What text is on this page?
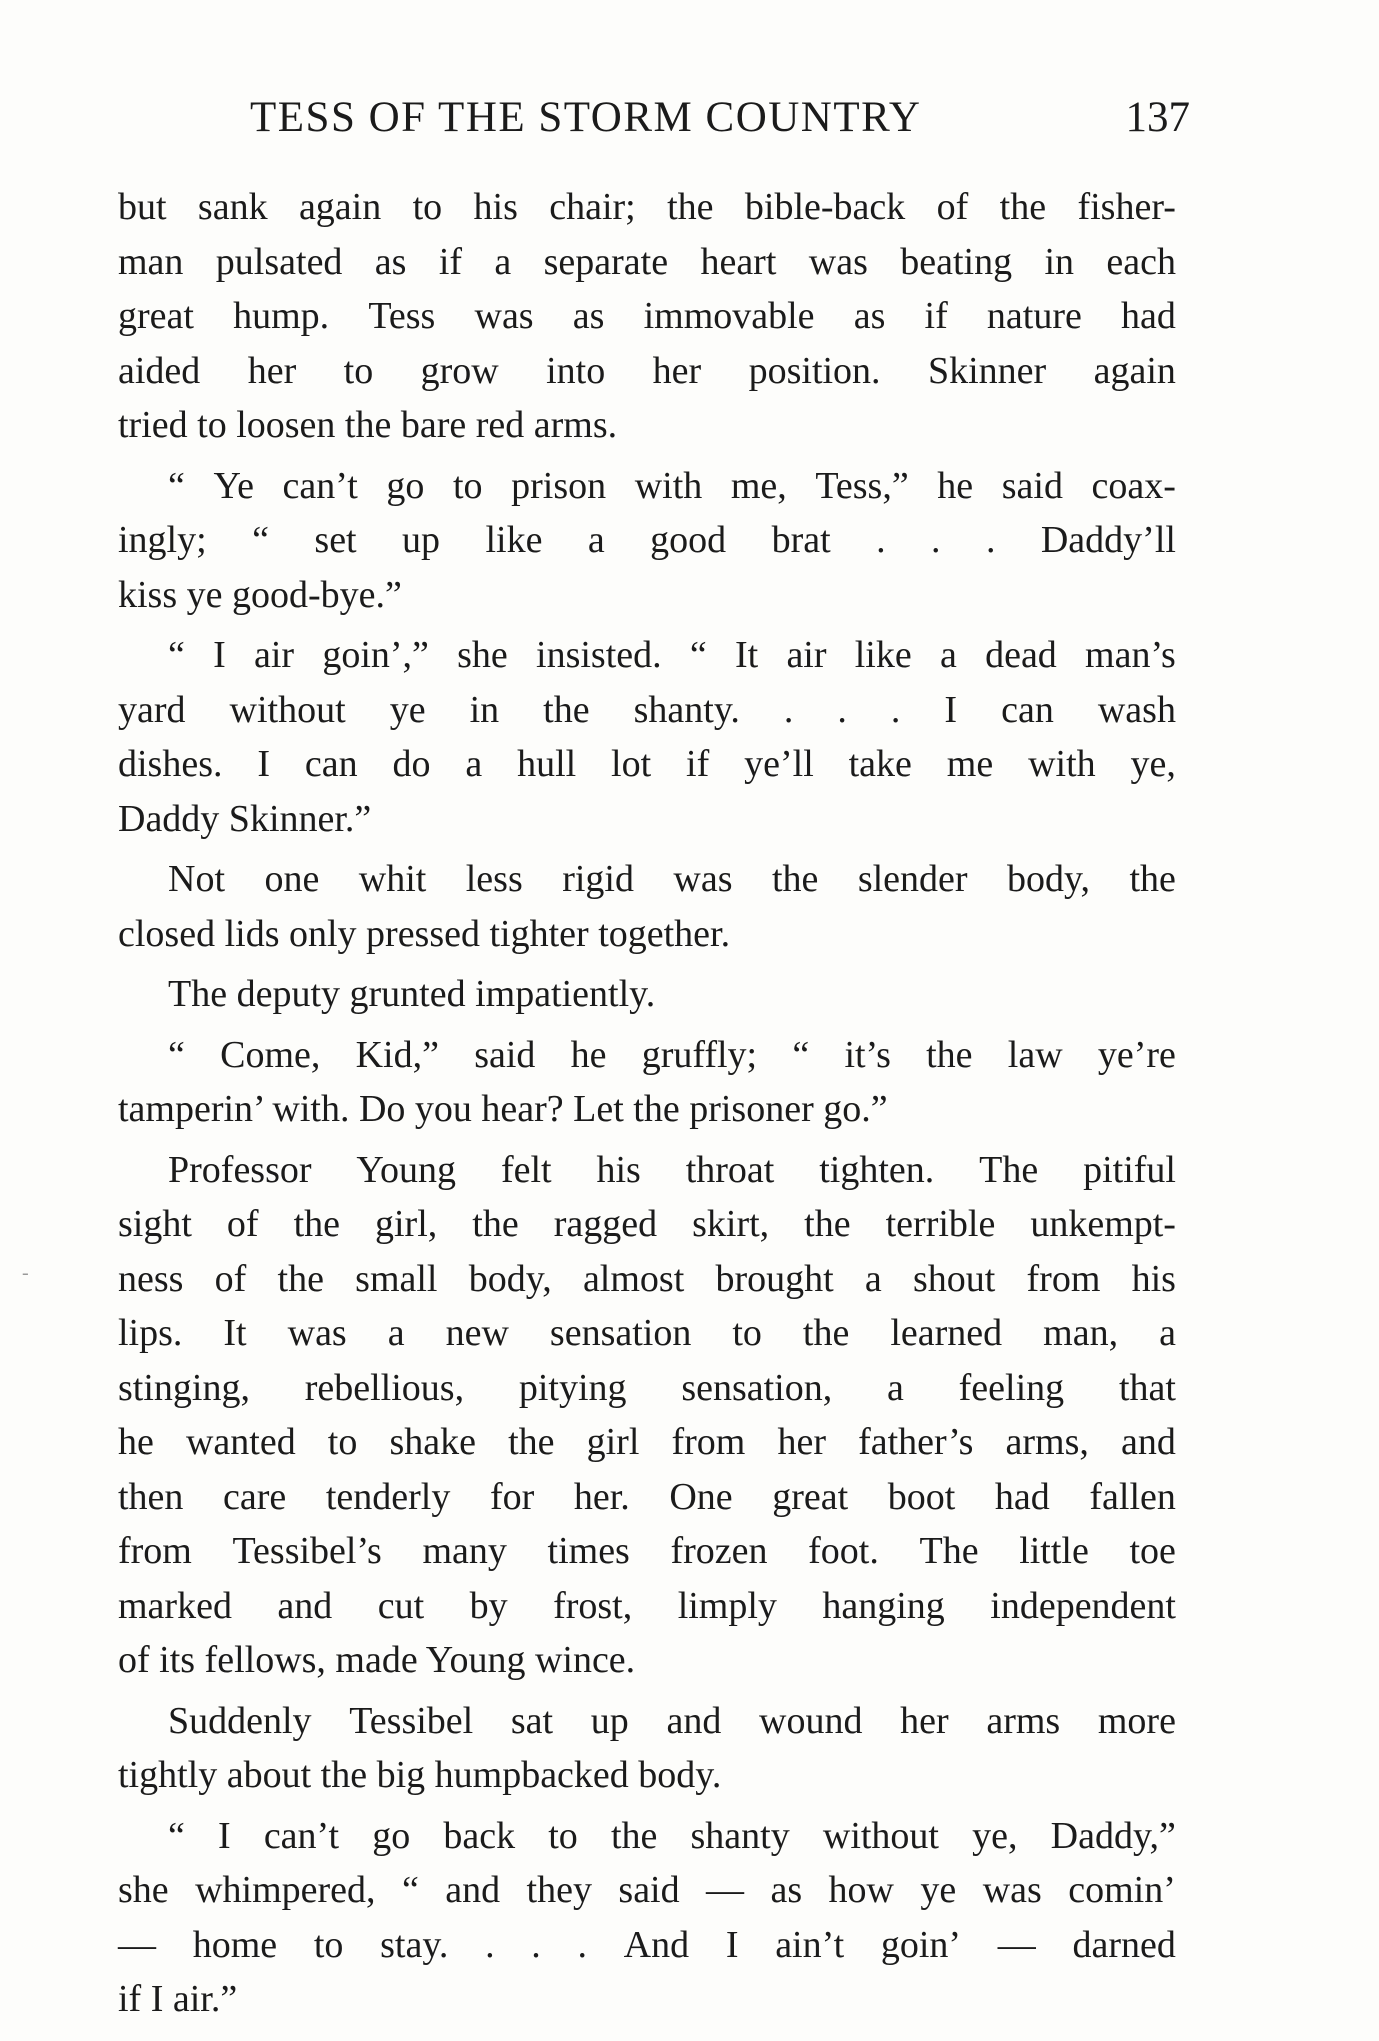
TESS OF THE STORM COUNTRY	137
but sank again to his chair; the bible-back of the fisher-
man pulsated as if a separate heart was beating in each
great hump. Tess was as immovable as if nature had
aided her to grow into her position. Skinner again
tried to loosen the bare red arms.
“ Ye can’t go to prison with me, Tess,” he said coax-
ingly; “ set up like a good brat . . . Daddy’ll
kiss ye good-bye.”
“ I air goin’,” she insisted. “ It air like a dead man’s
yard without ye in the shanty. . . . I can wash
dishes. I can do a hull lot if ye’ll take me with ye,
Daddy Skinner.”
Not one whit less rigid was the slender body, the
closed lids only pressed tighter together.
The deputy grunted impatiently.
“ Come, Kid,” said he gruffly; “ it’s the law ye’re
tamperin’ with. Do you hear? Let the prisoner go.”
Professor Young felt his throat tighten. The pitiful
sight of the girl, the ragged skirt, the terrible unkempt-
ness of the small body, almost brought a shout from his
lips. It was a new sensation to the learned man, a
stinging, rebellious, pitying sensation, a feeling that
he wanted to shake the girl from her father’s arms, and
then care tenderly for her. One great boot had fallen
from Tessibel’s many times frozen foot. The little toe
marked and cut by frost, limply hanging independent
of its fellows, made Young wince.
Suddenly Tessibel sat up and wound her arms more
tightly about the big humpbacked body.
“ I can’t go back to the shanty without ye, Daddy,”
she whimpered, “ and they said — as how ye was comin’
— home to stay. . . . And I ain’t goin’ — darned
if I air.”
-
